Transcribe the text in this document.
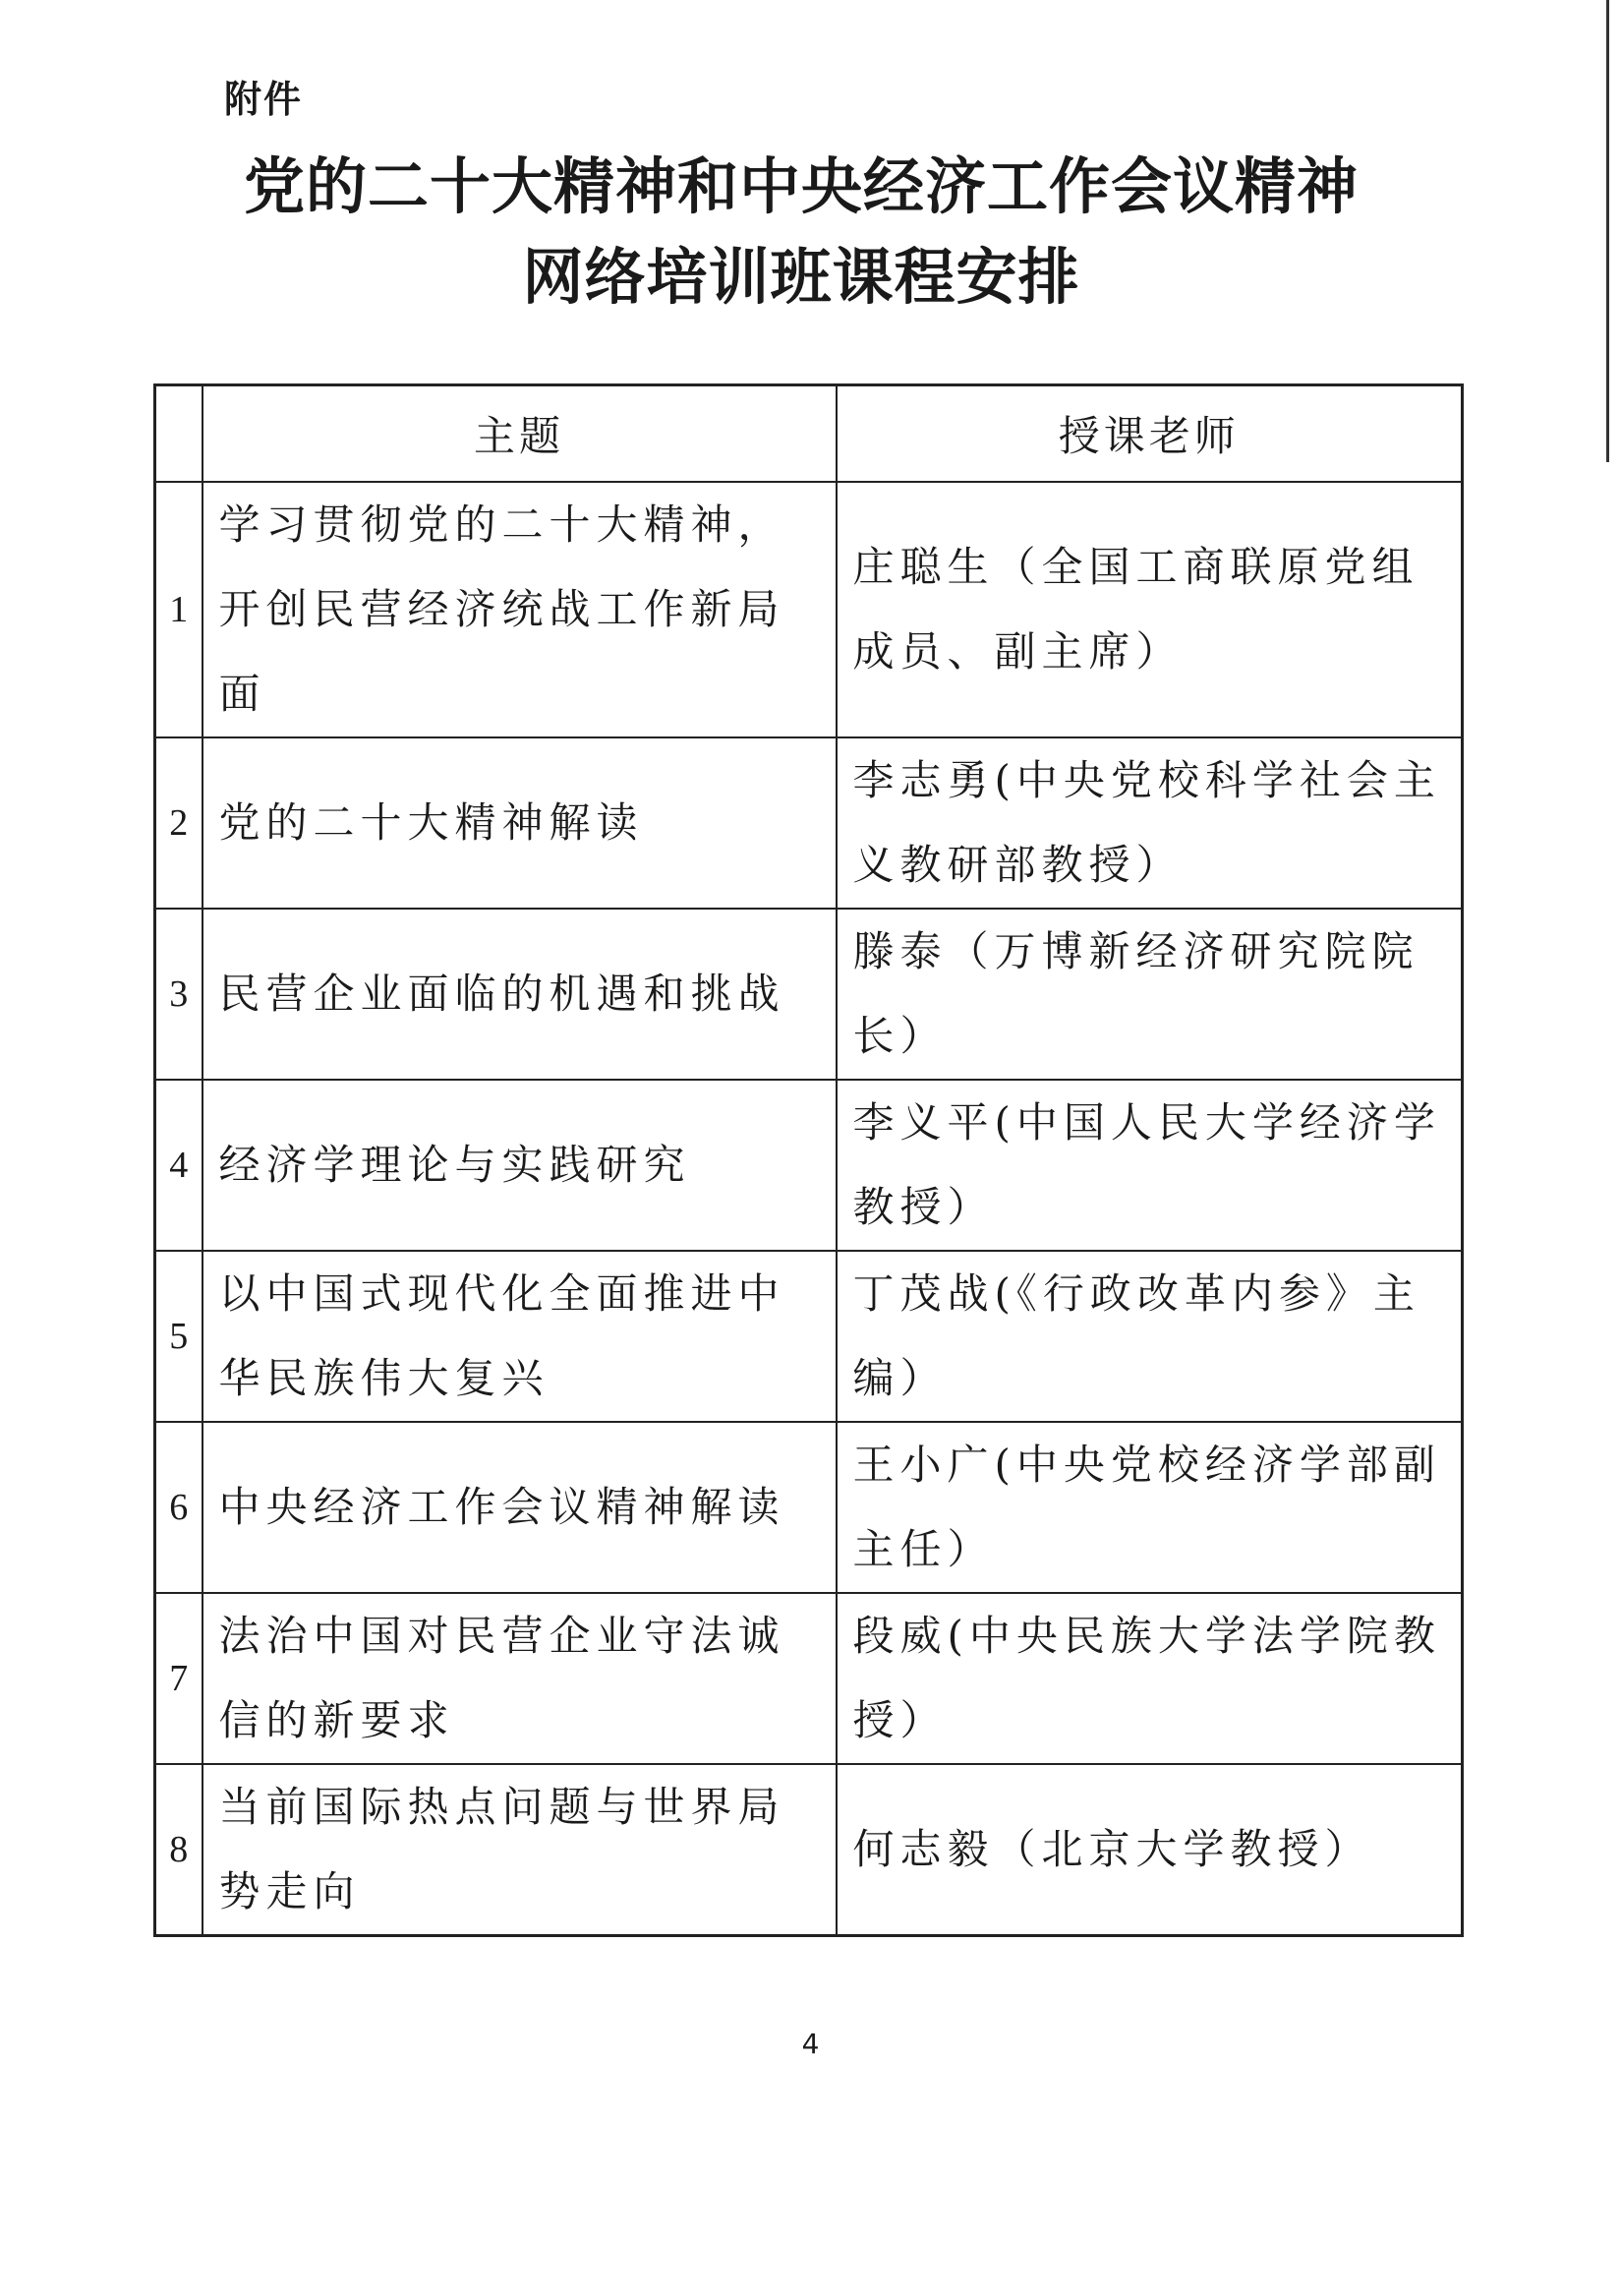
附件
党的二十大精神和中央经济工作会议精神
网络培训班课程安排
	主题	授课老师
1	学习贯彻党的二十大精神，开创民营经济统战工作新局面	庄聪生（全国工商联原党组成员、副主席）
2	党的二十大精神解读	李志勇(中央党校科学社会主义教研部教授）
3	民营企业面临的机遇和挑战	滕泰（万博新经济研究院院长）
4	经济学理论与实践研究	李义平(中国人民大学经济学教授）
5	以中国式现代化全面推进中华民族伟大复兴	丁茂战(《行政改革内参》主编）
6	中央经济工作会议精神解读	王小广(中央党校经济学部副主任）
7	法治中国对民营企业守法诚信的新要求	段威(中央民族大学法学院教授）
8	当前国际热点问题与世界局势走向	何志毅（北京大学教授）
4
